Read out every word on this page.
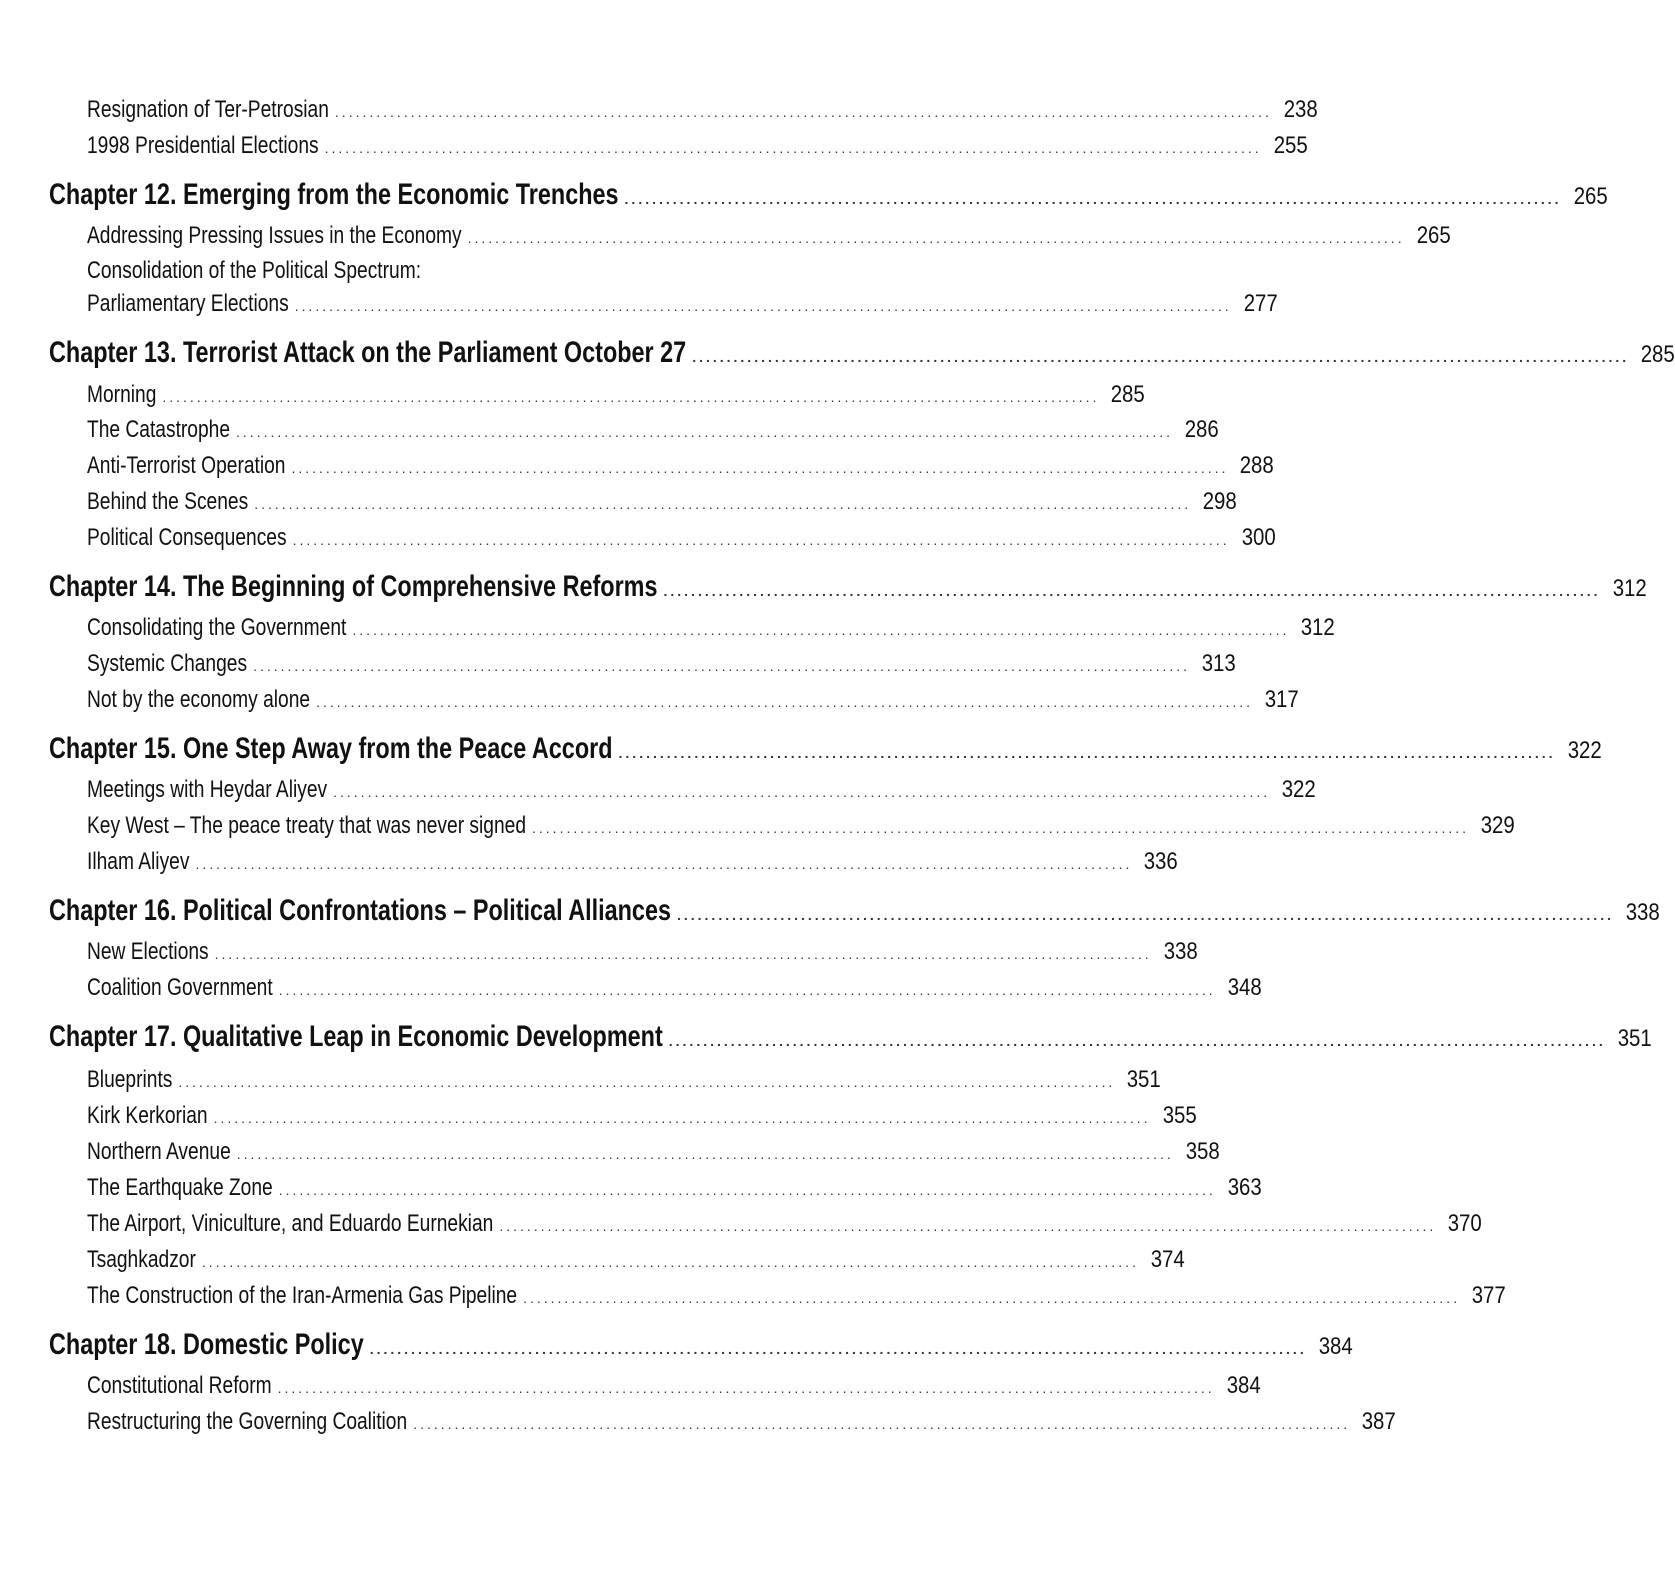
Resignation of Ter-Petrosian ........................................................................................................................................ 238
1998 Presidential Elections ........................................................................................................................................ 255
Chapter 12. Emerging from the Economic Trenches ........................................................................................................................................ 265
Addressing Pressing Issues in the Economy ........................................................................................................................................ 265
Consolidation of the Political Spectrum:
Parliamentary Elections ........................................................................................................................................ 277
Chapter 13. Terrorist Attack on the Parliament October 27 ........................................................................................................................................ 285
Morning ........................................................................................................................................ 285
The Catastrophe ........................................................................................................................................ 286
Anti-Terrorist Operation ........................................................................................................................................ 288
Behind the Scenes ........................................................................................................................................ 298
Political Consequences ........................................................................................................................................ 300
Chapter 14. The Beginning of Comprehensive Reforms ........................................................................................................................................ 312
Consolidating the Government ........................................................................................................................................ 312
Systemic Changes ........................................................................................................................................ 313
Not by the economy alone ........................................................................................................................................ 317
Chapter 15. One Step Away from the Peace Accord ........................................................................................................................................ 322
Meetings with Heydar Aliyev ........................................................................................................................................ 322
Key West – The peace treaty that was never signed ........................................................................................................................................ 329
Ilham Aliyev ........................................................................................................................................ 336
Chapter 16. Political Confrontations – Political Alliances ........................................................................................................................................ 338
New Elections ........................................................................................................................................ 338
Coalition Government ........................................................................................................................................ 348
Chapter 17. Qualitative Leap in Economic Development ........................................................................................................................................ 351
Blueprints ........................................................................................................................................ 351
Kirk Kerkorian ........................................................................................................................................ 355
Northern Avenue ........................................................................................................................................ 358
The Earthquake Zone ........................................................................................................................................ 363
The Airport, Viniculture, and Eduardo Eurnekian ........................................................................................................................................ 370
Tsaghkadzor ........................................................................................................................................ 374
The Construction of the Iran-Armenia Gas Pipeline ........................................................................................................................................ 377
Chapter 18. Domestic Policy ........................................................................................................................................ 384
Constitutional Reform ........................................................................................................................................ 384
Restructuring the Governing Coalition ........................................................................................................................................ 387
